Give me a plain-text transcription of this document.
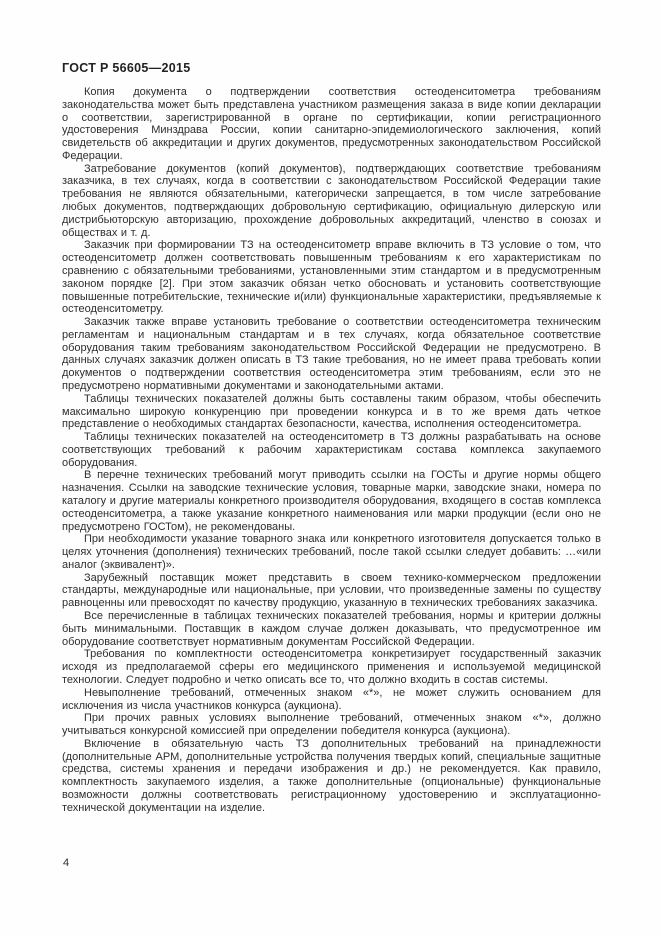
ГОСТ Р 56605—2015

Копия документа о подтверждении соответствия остеоденситометра требованиям законодательства может быть представлена участником размещения заказа в виде копии декларации о соответствии, зарегистрированной в органе по сертификации, копии регистрационного удостоверения Минздрава России, копии санитарно-эпидемиологического заключения, копий свидетельств об аккредитации и других документов, предусмотренных законодательством Российской Федерации.

Затребование документов (копий документов), подтверждающих соответствие требованиям заказчика, в тех случаях, когда в соответствии с законодательством Российской Федерации такие требования не являются обязательными, категорически запрещается, в том числе затребование любых документов, подтверждающих добровольную сертификацию, официальную дилерскую или дистрибьюторскую авторизацию, прохождение добровольных аккредитаций, членство в союзах и обществах и т. д.

Заказчик при формировании ТЗ на остеоденситометр вправе включить в ТЗ условие о том, что остеоденситометр должен соответствовать повышенным требованиям к его характеристикам по сравнению с обязательными требованиями, установленными этим стандартом и в предусмотренным законом порядке [2]. При этом заказчик обязан четко обосновать и установить соответствующие повышенные потребительские, технические и(или) функциональные характеристики, предъявляемые к остеоденситометру.

Заказчик также вправе установить требование о соответствии остеоденситометра техническим регламентам и национальным стандартам и в тех случаях, когда обязательное соответствие оборудования таким требованиям законодательством Российской Федерации не предусмотрено. В данных случаях заказчик должен описать в ТЗ такие требования, но не имеет права требовать копии документов о подтверждении соответствия остеоденситометра этим требованиям, если это не предусмотрено нормативными документами и законодательными актами.

Таблицы технических показателей должны быть составлены таким образом, чтобы обеспечить максимально широкую конкуренцию при проведении конкурса и в то же время дать четкое представление о необходимых стандартах безопасности, качества, исполнения остеоденситометра.

Таблицы технических показателей на остеоденситометр в ТЗ должны разрабатывать на основе соответствующих требований к рабочим характеристикам состава комплекса закупаемого оборудования.

В перечне технических требований могут приводить ссылки на ГОСТы и другие нормы общего назначения. Ссылки на заводские технические условия, товарные марки, заводские знаки, номера по каталогу и другие материалы конкретного производителя оборудования, входящего в состав комплекса остеоденситометра, а также указание конкретного наименования или марки продукции (если оно не предусмотрено ГОСТом), не рекомендованы.

При необходимости указание товарного знака или конкретного изготовителя допускается только в целях уточнения (дополнения) технических требований, после такой ссылки следует добавить: …«или аналог (эквивалент)».

Зарубежный поставщик может представить в своем технико-коммерческом предложении стандарты, международные или национальные, при условии, что произведенные замены по существу равноценны или превосходят по качеству продукцию, указанную в технических требованиях заказчика.

Все перечисленные в таблицах технических показателей требования, нормы и критерии должны быть минимальными. Поставщик в каждом случае должен доказывать, что предусмотренное им оборудование соответствует нормативным документам Российской Федерации.

Требования по комплектности остеоденситометра конкретизирует государственный заказчик исходя из предполагаемой сферы его медицинского применения и используемой медицинской технологии. Следует подробно и четко описать все то, что должно входить в состав системы.

Невыполнение требований, отмеченных знаком «*», не может служить основанием для исключения из числа участников конкурса (аукциона).

При прочих равных условиях выполнение требований, отмеченных знаком «*», должно учитываться конкурсной комиссией при определении победителя конкурса (аукциона).

Включение в обязательную часть ТЗ дополнительных требований на принадлежности (дополнительные АРМ, дополнительные устройства получения твердых копий, специальные защитные средства, системы хранения и передачи изображения и др.) не рекомендуется. Как правило, комплектность закупаемого изделия, а также дополнительные (опциональные) функциональные возможности должны соответствовать регистрационному удостоверению и эксплуатационно-технической документации на изделие.

4
